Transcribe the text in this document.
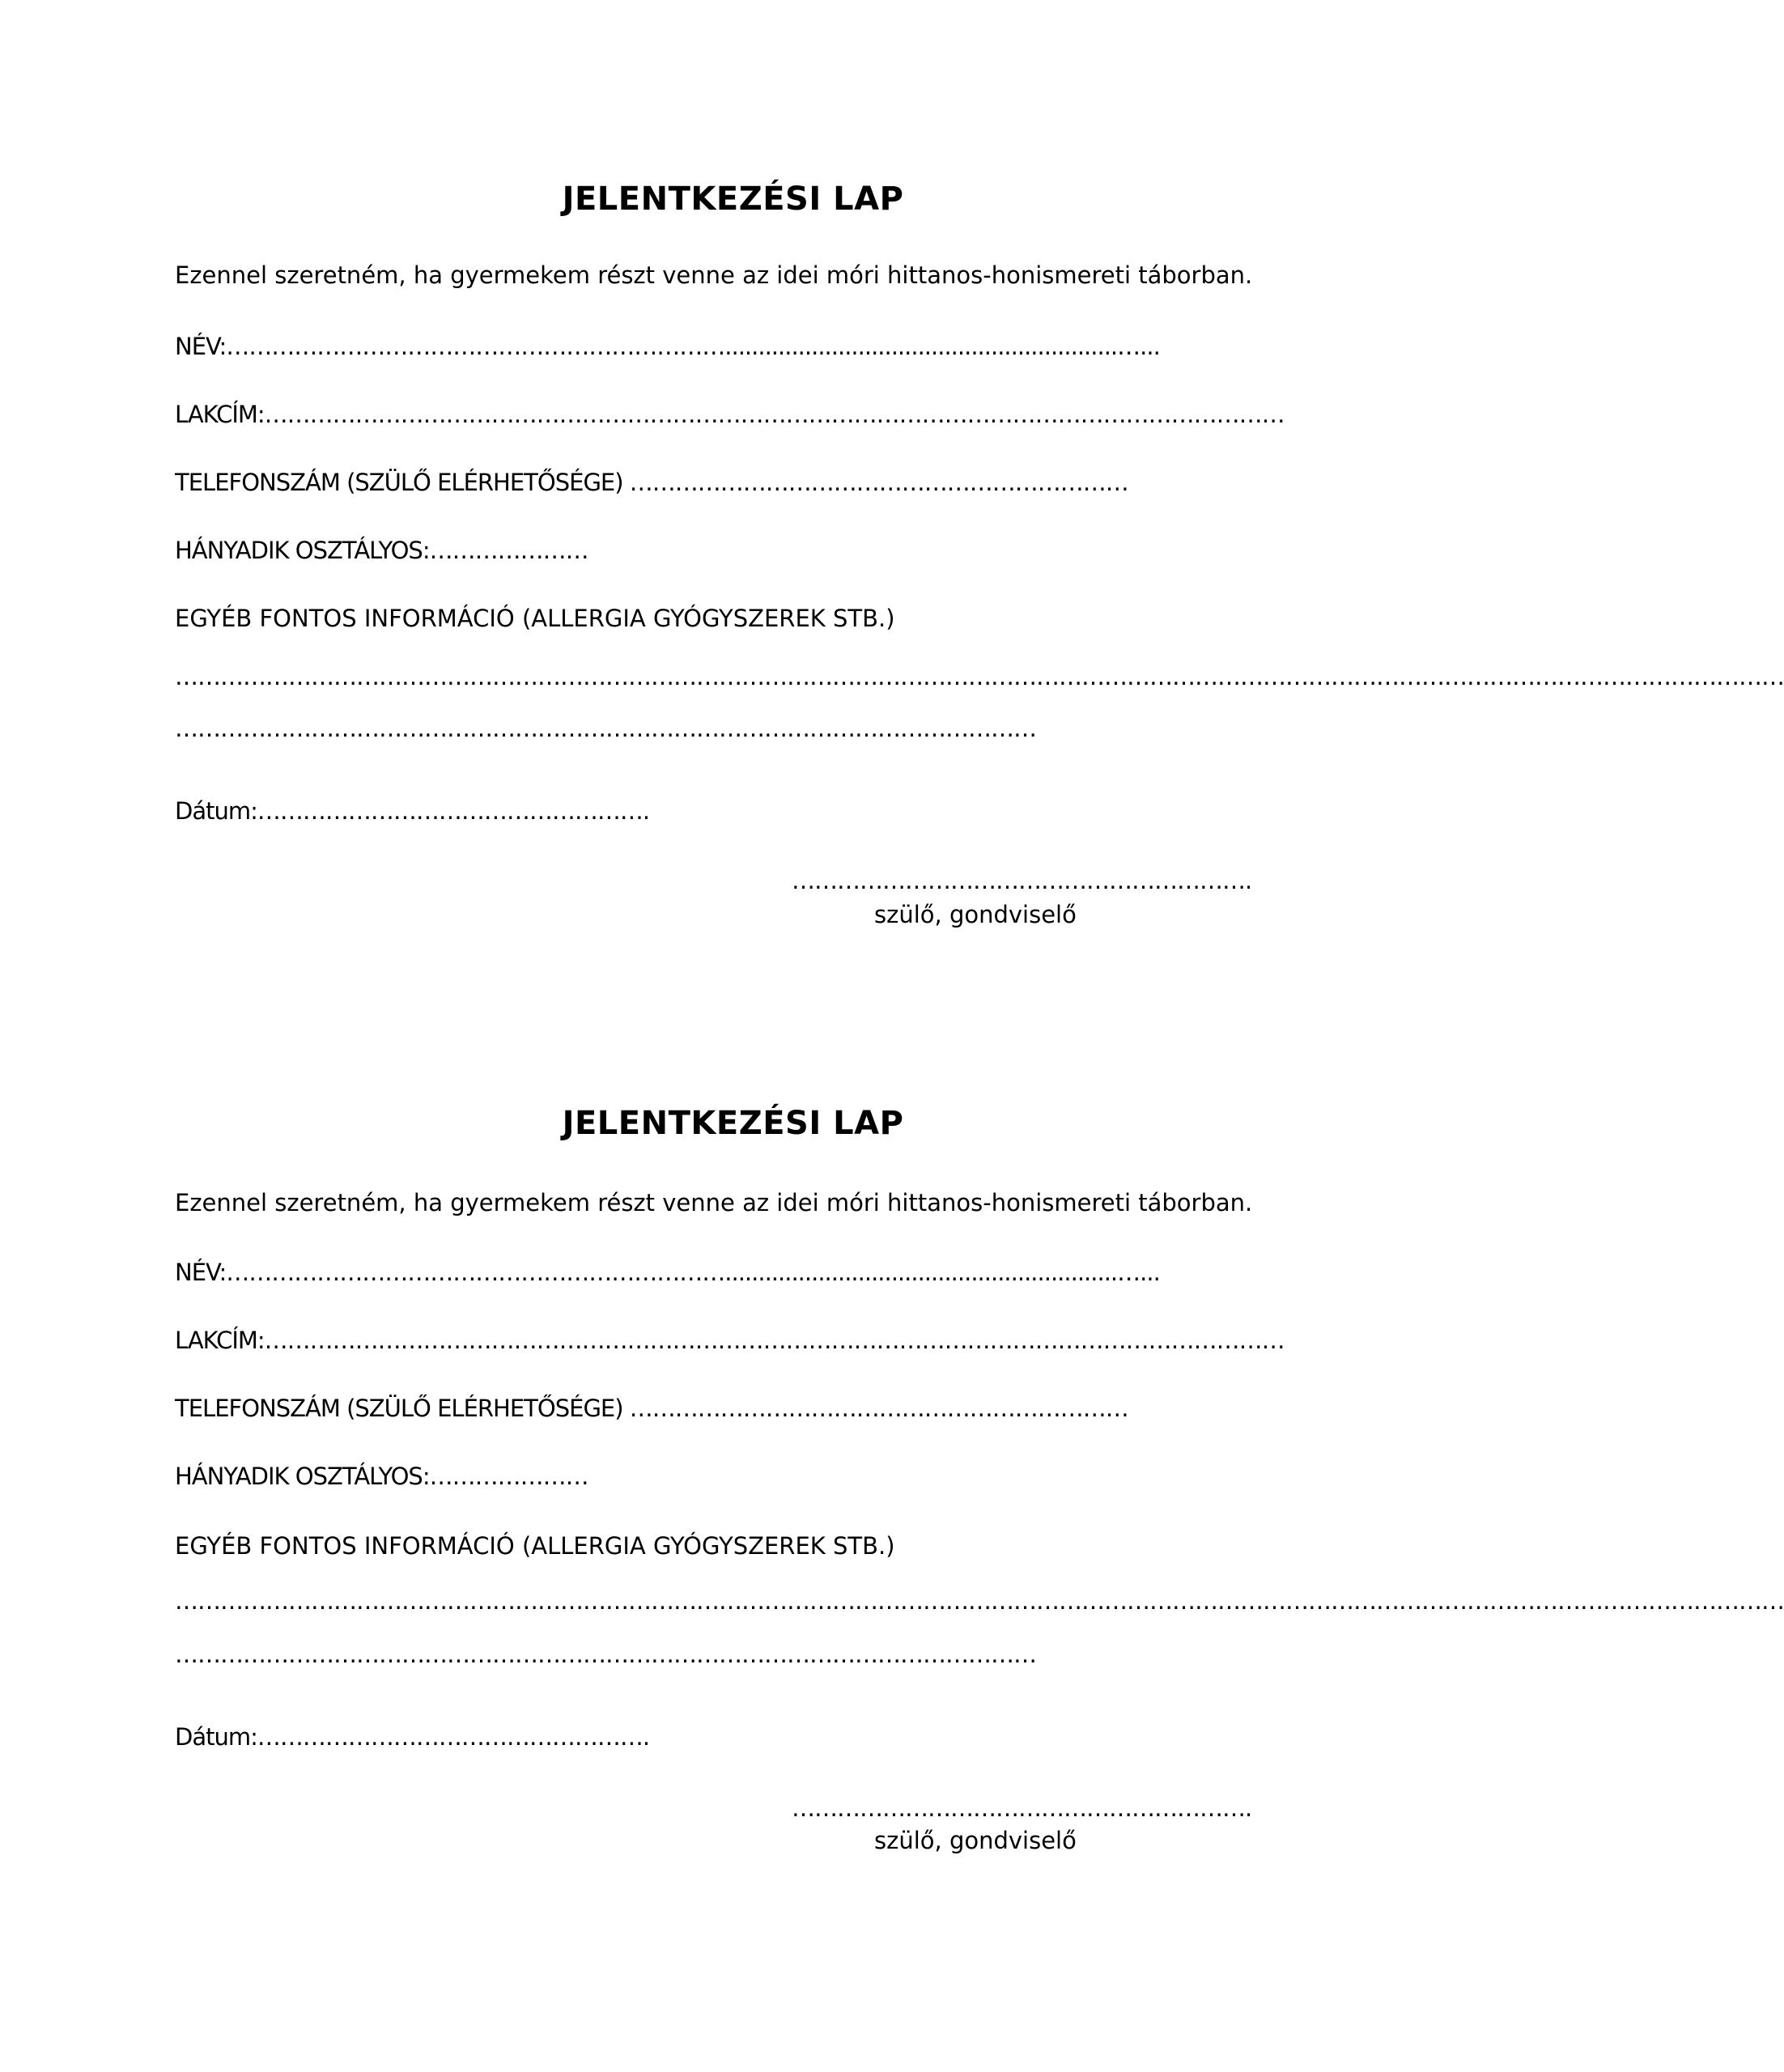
JELENTKEZÉSI LAP
Ezennel szeretném, ha gyermekem részt venne az idei móri hittanos-honismereti táborban.
NÉV:…………………………………………………………...........................................................…...
LAKCÍM:………………………………………………………………………………………………………………………
TELEFONSZÁM (SZÜLŐ ELÉRHETŐSÉGE) …………………………………………………………
HÁNYADIK OSZTÁLYOS:…………………
EGYÉB FONTOS INFORMÁCIÓ (ALLERGIA GYÓGYSZEREK STB.)
……………………………………………………………………………………………………………………………………………………………………………………………
……………………………………………………………………………………………………
Dátum:…………………………………………….
…………………………………………………….
szülő, gondviselő
JELENTKEZÉSI LAP
Ezennel szeretném, ha gyermekem részt venne az idei móri hittanos-honismereti táborban.
NÉV:…………………………………………………………...........................................................…...
LAKCÍM:………………………………………………………………………………………………………………………
TELEFONSZÁM (SZÜLŐ ELÉRHETŐSÉGE) …………………………………………………………
HÁNYADIK OSZTÁLYOS:…………………
EGYÉB FONTOS INFORMÁCIÓ (ALLERGIA GYÓGYSZEREK STB.)
……………………………………………………………………………………………………………………………………………………………………………………………
……………………………………………………………………………………………………
Dátum:…………………………………………….
…………………………………………………….
szülő, gondviselő
